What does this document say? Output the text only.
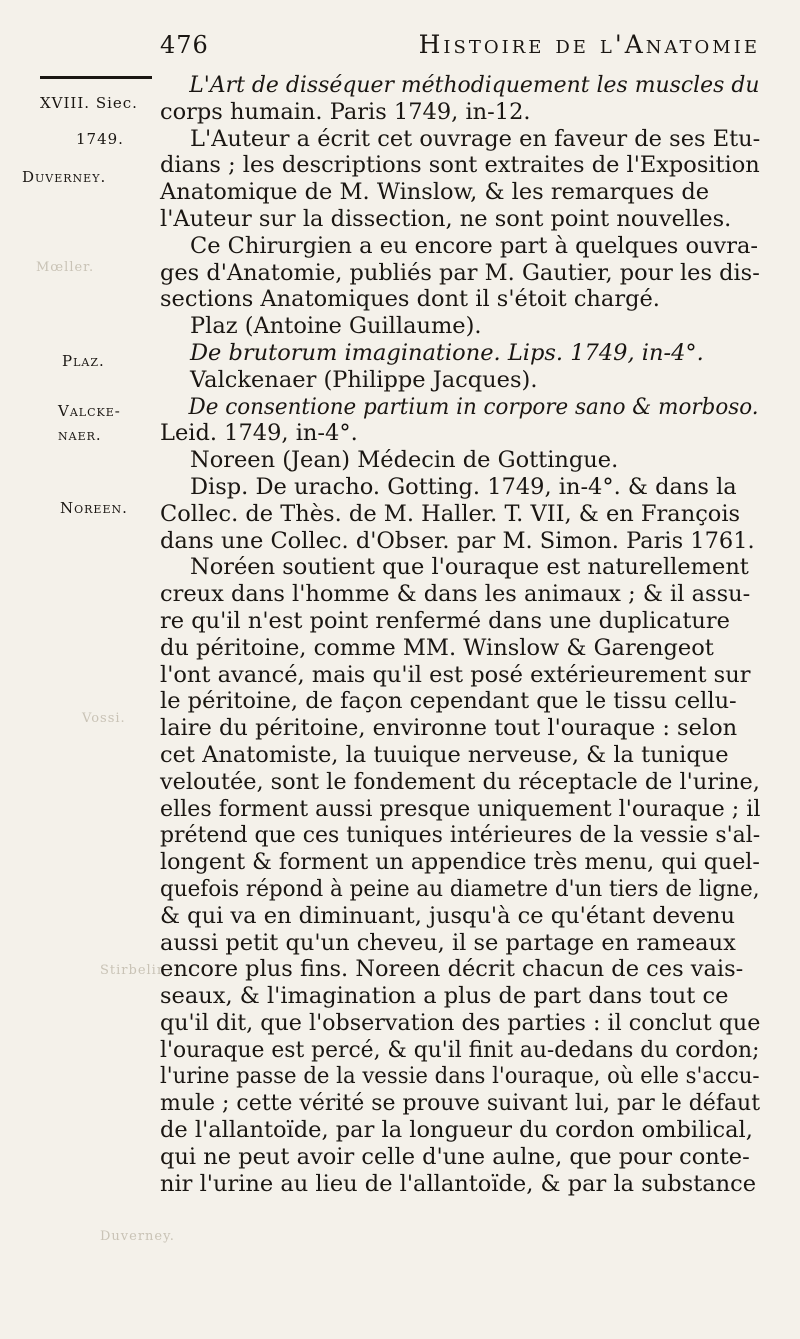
476	Histoire de l'Anatomie
XVIII. Siec.
1749.
Duverney.
Mœller.
Plaz.
Valcke-
naer.
Noreen.
Vossi.
Stirbelin.
Duverney.
L'Art de disséquer méthodiquement les muscles du
corps humain. Paris 1749, in-12.
L'Auteur a écrit cet ouvrage en faveur de ses Etu-
dians ; les descriptions sont extraites de l'Exposition
Anatomique de M. Winslow, & les remarques de
l'Auteur sur la dissection, ne sont point nouvelles.
Ce Chirurgien a eu encore part à quelques ouvra-
ges d'Anatomie, publiés par M. Gautier, pour les dis-
sections Anatomiques dont il s'étoit chargé.
Plaz (Antoine Guillaume).
De brutorum imaginatione. Lips. 1749, in-4°.
Valckenaer (Philippe Jacques).
De consentione partium in corpore sano & morboso.
Leid. 1749, in-4°.
Noreen (Jean) Médecin de Gottingue.
Disp. De uracho. Gotting. 1749, in-4°. & dans la
Collec. de Thès. de M. Haller. T. VII, & en François
dans une Collec. d'Obser. par M. Simon. Paris 1761.
Noréen soutient que l'ouraque est naturellement
creux dans l'homme & dans les animaux ; & il assu-
re qu'il n'est point renfermé dans une duplicature
du péritoine, comme MM. Winslow & Garengeot
l'ont avancé, mais qu'il est posé extérieurement sur
le péritoine, de façon cependant que le tissu cellu-
laire du péritoine, environne tout l'ouraque : selon
cet Anatomiste, la tuuique nerveuse, & la tunique
veloutée, sont le fondement du réceptacle de l'urine,
elles forment aussi presque uniquement l'ouraque ; il
prétend que ces tuniques intérieures de la vessie s'al-
longent & forment un appendice très menu, qui quel-
quefois répond à peine au diametre d'un tiers de ligne,
& qui va en diminuant, jusqu'à ce qu'étant devenu
aussi petit qu'un cheveu, il se partage en rameaux
encore plus fins. Noreen décrit chacun de ces vais-
seaux, & l'imagination a plus de part dans tout ce
qu'il dit, que l'observation des parties : il conclut que
l'ouraque est percé, & qu'il finit au-dedans du cordon;
l'urine passe de la vessie dans l'ouraque, où elle s'accu-
mule ; cette vérité se prouve suivant lui, par le défaut
de l'allantoïde, par la longueur du cordon ombilical,
qui ne peut avoir celle d'une aulne, que pour conte-
nir l'urine au lieu de l'allantoïde, & par la substance
